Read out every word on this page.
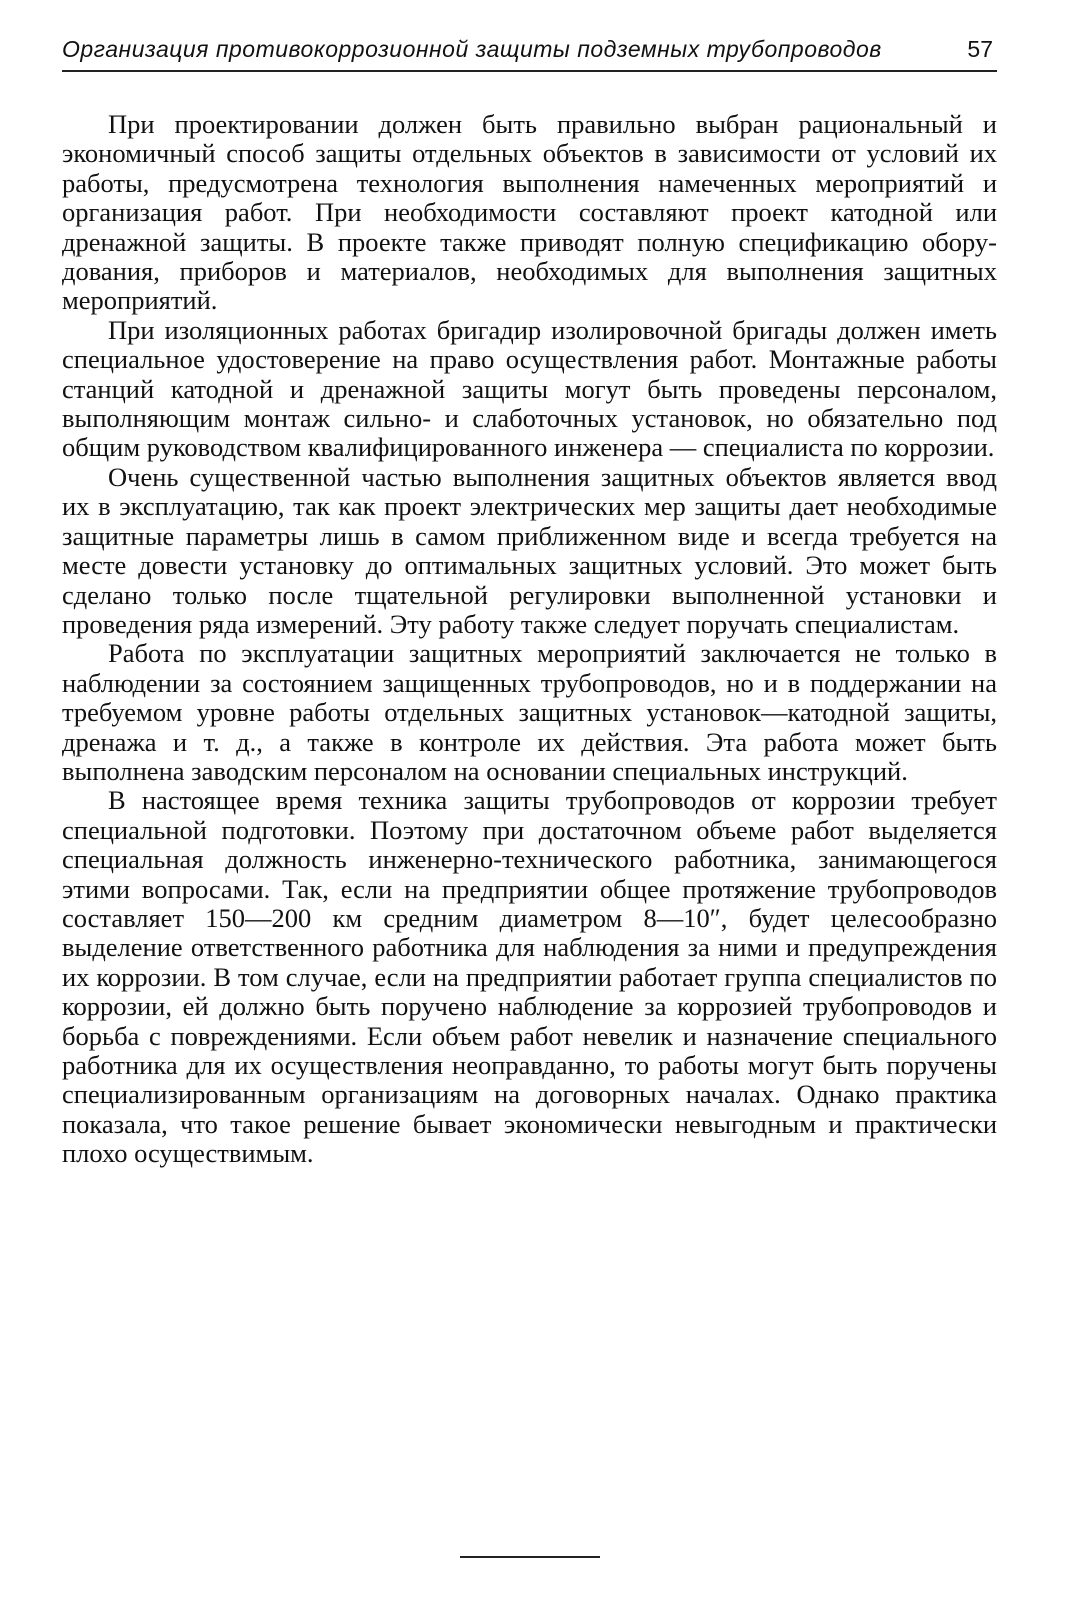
Организация противокоррозионной защиты подземных трубопроводов	57

При проектировании должен быть правильно выбран рациональный и экономичный способ защиты отдельных объектов в зависимости от условий их работы, предусмотрена технология выполнения намеченных мероприятий и организация работ. При необходимости составляют проект катодной или дренажной защиты. В проекте также приводят полную спецификацию оборудования, приборов и материалов, необходимых для выполнения защитных мероприятий.

При изоляционных работах бригадир изолировочной бригады должен иметь специальное удостоверение на право осуществления работ. Монтажные работы станций катодной и дренажной защиты могут быть проведены персоналом, выполняющим монтаж сильно- и слаботочных установок, но обязательно под общим руководством квалифицированного инженера — специалиста по коррозии.

Очень существенной частью выполнения защитных объектов является ввод их в эксплуатацию, так как проект электрических мер защиты дает необходимые защитные параметры лишь в самом приближенном виде и всегда требуется на месте довести установку до оптимальных защитных условий. Это может быть сделано только после тщательной регулировки выполненной установки и проведения ряда измерений. Эту работу также следует поручать специалистам.

Работа по эксплуатации защитных мероприятий заключается не только в наблюдении за состоянием защищенных трубопроводов, но и в поддержании на требуемом уровне работы отдельных защитных установок—катодной защиты, дренажа и т. д., а также в контроле их действия. Эта работа может быть выполнена заводским персоналом на основании специальных инструкций.

В настоящее время техника защиты трубопроводов от коррозии требует специальной подготовки. Поэтому при достаточном объеме работ выделяется специальная должность инженерно-технического работника, занимающегося этими вопросами. Так, если на предприятии общее протяжение трубопроводов составляет 150—200 км средним диаметром 8—10″, будет целесообразно выделение ответственного работника для наблюдения за ними и предупреждения их коррозии. В том случае, если на предприятии работает группа специалистов по коррозии, ей должно быть поручено наблюдение за коррозией трубопроводов и борьба с повреждениями. Если объем работ невелик и назначение специального работника для их осуществления неоправданно, то работы могут быть поручены специализированным организациям на договорных началах. Однако практика показала, что такое решение бывает экономически невыгодным и практически плохо осуществимым.
